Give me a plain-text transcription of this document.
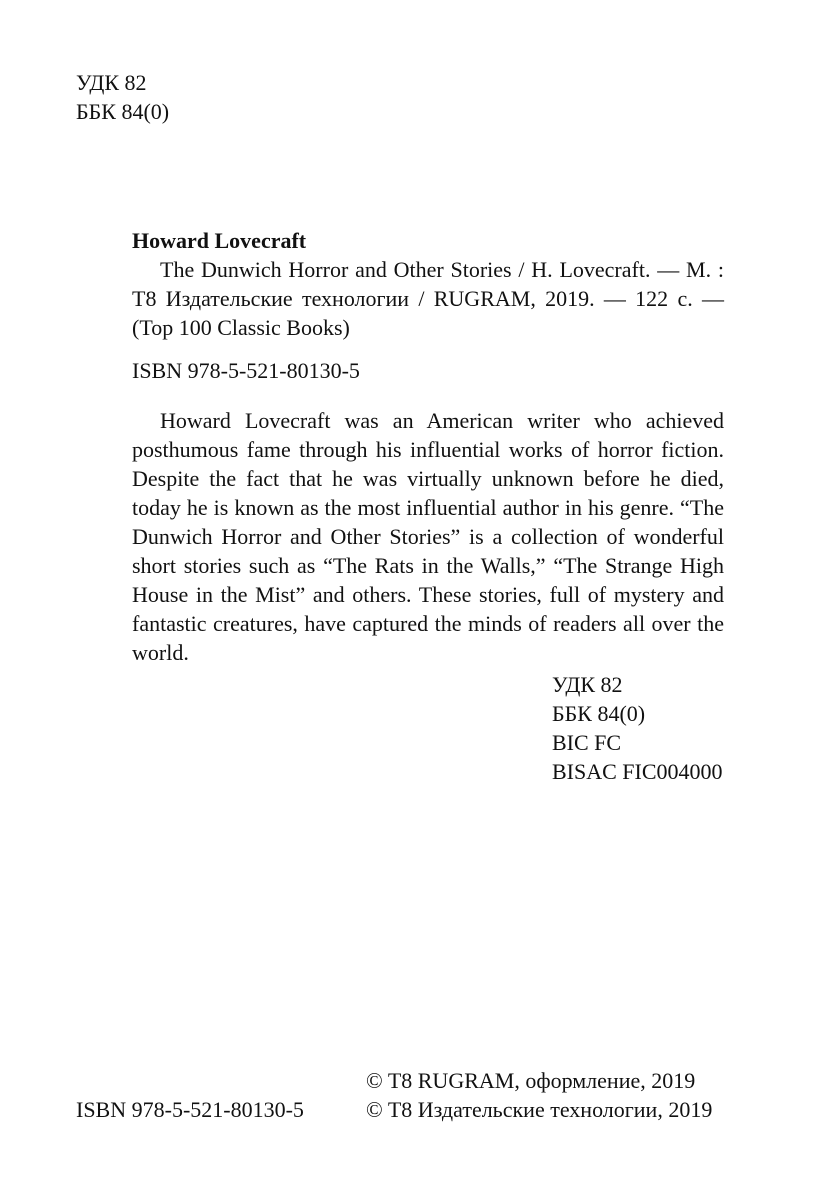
УДК 82
ББК 84(0)
Howard Lovecraft
The Dunwich Horror and Other Stories / H. Lovecraft. — M. : T8 Издательские технологии / RUGRAM, 2019. — 122 c. — (Top 100 Classic Books)
ISBN 978-5-521-80130-5
Howard Lovecraft was an American writer who achieved posthumous fame through his influential works of horror fiction. Despite the fact that he was virtually unknown before he died, today he is known as the most influential author in his genre. “The Dunwich Horror and Other Stories” is a collection of wonderful short stories such as “The Rats in the Walls,” “The Strange High House in the Mist” and others. These stories, full of mystery and fantastic creatures, have captured the minds of readers all over the world.
УДК 82
ББК 84(0)
BIC FC
BISAC FIC004000
ISBN 978-5-521-80130-5
© T8 RUGRAM, оформление, 2019
© T8 Издательские технологии, 2019
